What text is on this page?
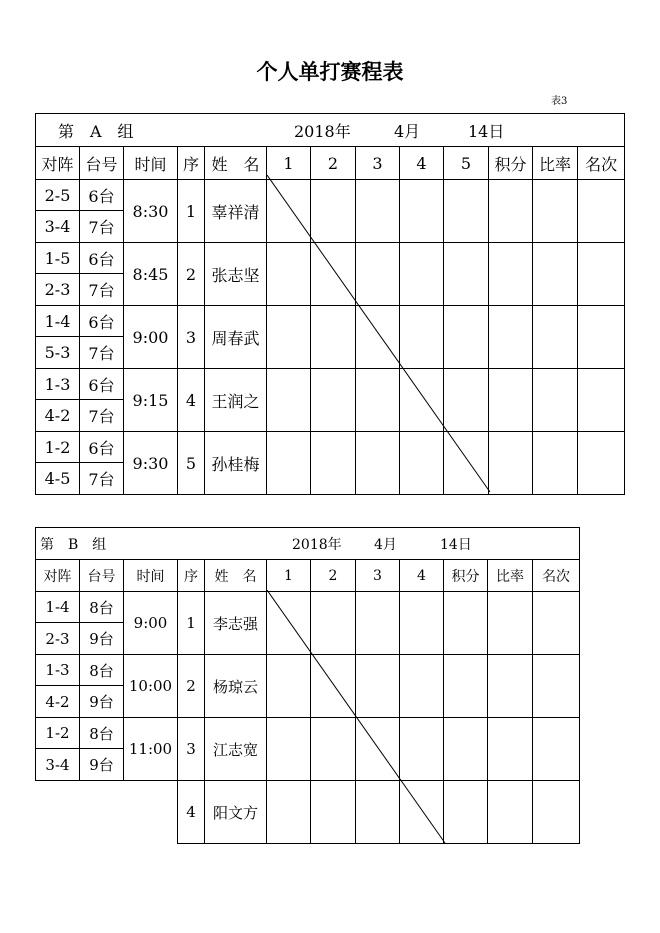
个人单打赛程表
表3
第　A　组 2018年 4月 14日												
对阵	台号	时间	序	姓　名	1	2	3	4	5	积分	比率	名次
2-5	6台	8:30	1	辜祥清								
3-4	7台											
1-5	6台	8:45	2	张志坚								
2-3	7台											
1-4	6台	9:00	3	周春武								
5-3	7台											
1-3	6台	9:15	4	王润之								
4-2	7台											
1-2	6台	9:30	5	孙桂梅								
4-5	7台											
第　B　组 2018年 4月 14日											
对阵	台号	时间	序	姓　名	1	2	3	4	积分	比率	名次
1-4	8台	9:00	1	李志强							
2-3	9台										
1-3	8台	10:00	2	杨琼云							
4-2	9台										
1-2	8台	11:00	3	江志宽							
3-4	9台										
			4	阳文方							
